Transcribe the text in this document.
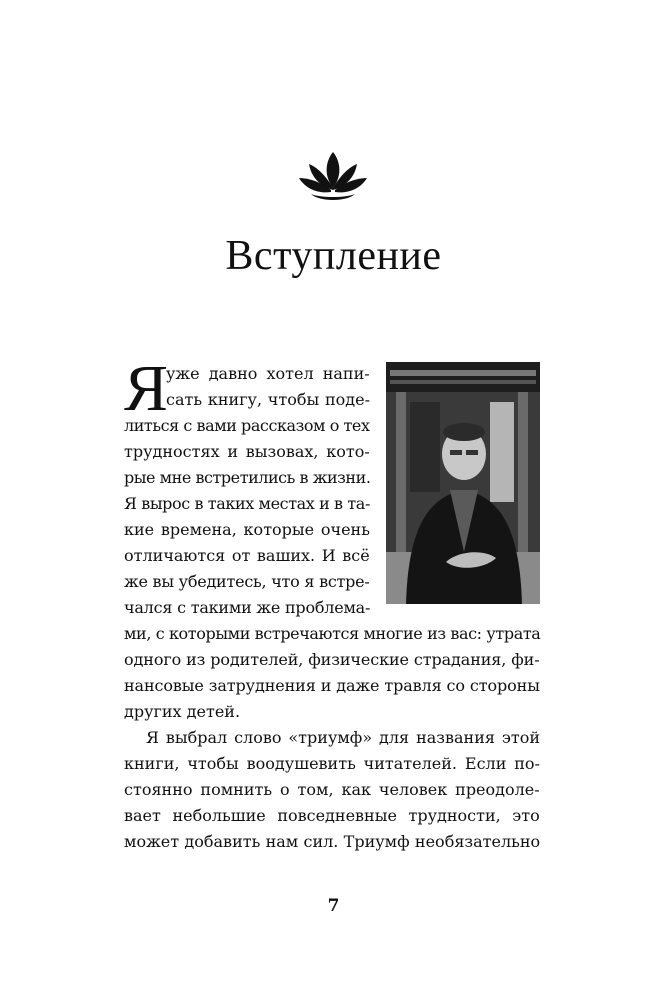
Вступление
Я
уже давно хотел напи-
сать книгу, чтобы поде-
литься с вами рассказом о тех
трудностях и вызовах, кото-
рые мне встретились в жизни.
Я вырос в таких местах и в та-
кие времена, которые очень
отличаются от ваших. И всё
же вы убедитесь, что я встре-
чался с такими же проблема-
ми, с которыми встречаются многие из вас: утрата
одного из родителей, физические страдания, фи-
нансовые затруднения и даже травля со стороны
других детей.
Я выбрал слово «триумф» для названия этой
книги, чтобы воодушевить читателей. Если по-
стоянно помнить о том, как человек преодоле-
вает небольшие повседневные трудности, это
может добавить нам сил. Триумф необязательно
7
